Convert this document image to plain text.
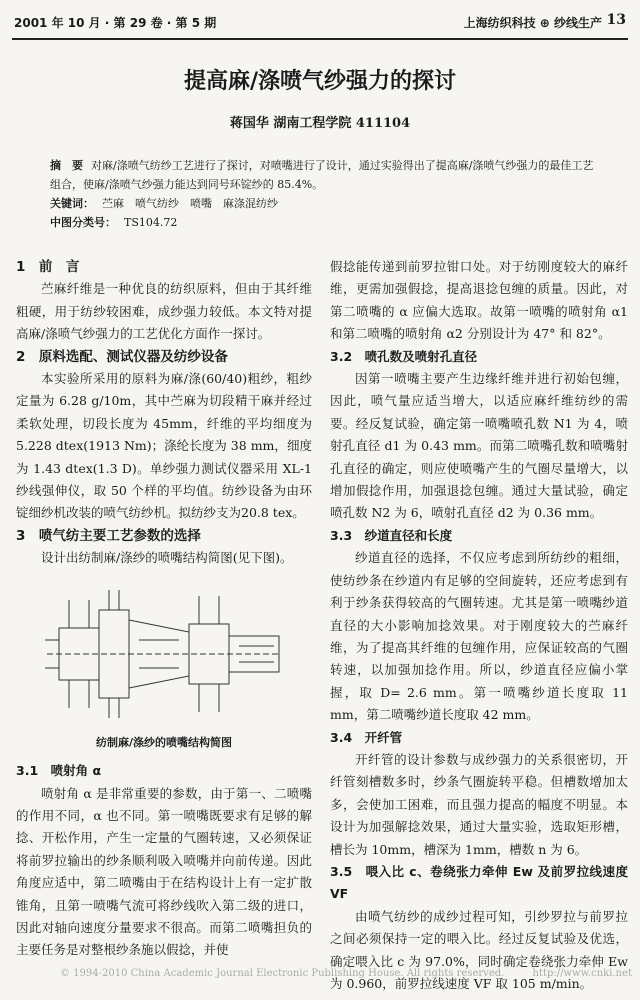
2001 年 10 月 · 第 29 卷 · 第 5 期	上海纺织科技 ⊕ 纱线生产 13
提高麻/涤喷气纱强力的探讨
蒋国华 湖南工程学院 411104
摘　要 对麻/涤喷气纺纱工艺进行了探讨，对喷嘴进行了设计，通过实验得出了提高麻/涤喷气纱强力的最佳工艺组合，使麻/涤喷气纱强力能达到同号环锭纱的 85.4%。
关键词： 苎麻　喷气纺纱　喷嘴　麻涤混纺纱
中图分类号： TS104.72

1　前　言

苎麻纤维是一种优良的纺织原料，但由于其纤维粗硬，用于纺纱较困难，成纱强力较低。本文特对提高麻/涤喷气纱强力的工艺优化方面作一探讨。

2　原料选配、测试仪器及纺纱设备

本实验所采用的原料为麻/涤(60/40)粗纱，粗纱定量为 6.28 g/10m，其中苎麻为切段精干麻并经过柔软处理，切段长度为 45mm，纤维的平均细度为 5.228 dtex(1913 Nm)；涤纶长度为 38 mm，细度为 1.43 dtex(1.3 D)。单纱强力测试仪器采用 XL-1 纱线强伸仪，取 50 个样的平均值。纺纱设备为由环锭细纱机改装的喷气纺纱机。拟纺纱支为20.8 tex。

3　喷气纺主要工艺参数的选择

设计出纺制麻/涤纱的喷嘴结构简图(见下图)。

纺制麻/涤纱的喷嘴结构简图

3.1　喷射角 α

喷射角 α 是非常重要的参数，由于第一、二喷嘴的作用不同，α 也不同。第一喷嘴既要求有足够的解捻、开松作用，产生一定量的气圈转速，又必须保证将前罗拉输出的纱条顺利吸入喷嘴并向前传递。因此角度应适中，第二喷嘴由于在结构设计上有一定扩散锥角，且第一喷嘴气流可将纱线吹入第二级的进口，因此对轴向速度分量要求不很高。而第二喷嘴担负的主要任务是对整根纱条施以假捻，并使

假捻能传递到前罗拉钳口处。对于纺刚度较大的麻纤维，更需加强假捻，提高退捻包缠的质量。因此，对第二喷嘴的 α 应偏大选取。故第一喷嘴的喷射角 α1 和第二喷嘴的喷射角 α2 分别设计为 47° 和 82°。

3.2　喷孔数及喷射孔直径

因第一喷嘴主要产生边缘纤维并进行初始包缠，因此，喷气量应适当增大，以适应麻纤维纺纱的需要。经反复试验，确定第一喷嘴喷孔数 N1 为 4，喷射孔直径 d1 为 0.43 mm。而第二喷嘴孔数和喷嘴射孔直径的确定，则应使喷嘴产生的气圈尽量增大，以增加假捻作用，加强退捻包缠。通过大量试验，确定喷孔数 N2 为 6，喷射孔直径 d2 为 0.36 mm。

3.3　纱道直径和长度

纱道直径的选择，不仅应考虑到所纺纱的粗细，使纺纱条在纱道内有足够的空间旋转，还应考虑到有利于纱条获得较高的气圈转速。尤其是第一喷嘴纱道直径的大小影响加捻效果。对于刚度较大的苎麻纤维，为了提高其纤维的包缠作用，应保证较高的气圈转速，以加强加捻作用。所以，纱道直径应偏小掌握，取 D= 2.6 mm。第一喷嘴纱道长度取 11 mm，第二喷嘴纱道长度取 42 mm。

3.4　开纤管

开纤管的设计参数与成纱强力的关系很密切，开纤管刻槽数多时，纱条气圈旋转平稳。但槽数增加太多，会使加工困难，而且强力提高的幅度不明显。本设计为加强解捻效果，通过大量实验，选取矩形槽，槽长为 10mm，槽深为 1mm，槽数 n 为 6。

3.5　喂入比 c、卷绕张力牵伸 Ew 及前罗拉线速度 VF

由喷气纺纱的成纱过程可知，引纱罗拉与前罗拉之间必须保持一定的喂入比。经过反复试验及优选，确定喂入比 c 为 97.0%，同时确定卷绕张力牵伸 Ew 为 0.960，前罗拉线速度 VF 取 105 m/min。

© 1994-2010 China Academic Journal Electronic Publishing House. All rights reserved.	http://www.cnki.net
